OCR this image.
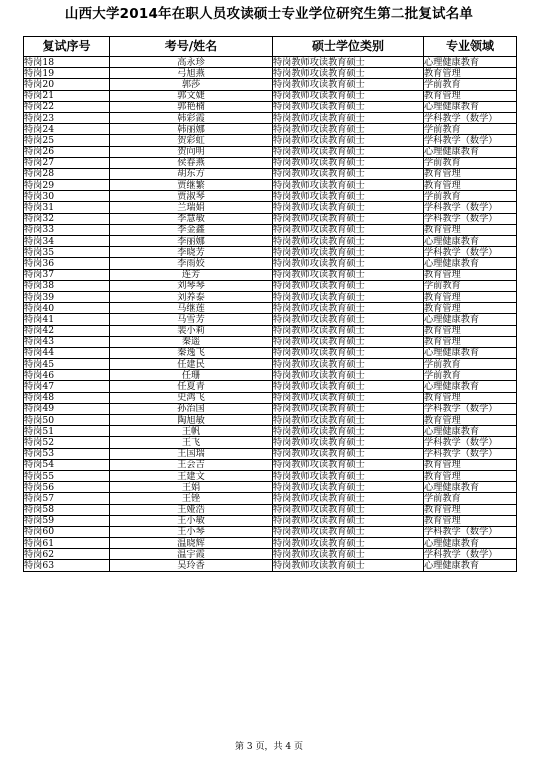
山西大学2014年在职人员攻读硕士专业学位研究生第二批复试名单
复试序号	考号/姓名	硕士学位类别	专业领域
特岗18	高永珍	特岗教师攻读教育硕士	心理健康教育
特岗19	弓旭燕	特岗教师攻读教育硕士	教育管理
特岗20	郭莎	特岗教师攻读教育硕士	学前教育
特岗21	郭文婕	特岗教师攻读教育硕士	教育管理
特岗22	郭艳楠	特岗教师攻读教育硕士	心理健康教育
特岗23	韩彩霞	特岗教师攻读教育硕士	学科教学（数学）
特岗24	韩丽娜	特岗教师攻读教育硕士	学前教育
特岗25	贺彩虹	特岗教师攻读教育硕士	学科教学（数学）
特岗26	贺向明	特岗教师攻读教育硕士	心理健康教育
特岗27	侯春燕	特岗教师攻读教育硕士	学前教育
特岗28	胡东方	特岗教师攻读教育硕士	教育管理
特岗29	贾继繁	特岗教师攻读教育硕士	教育管理
特岗30	贾淑琴	特岗教师攻读教育硕士	学前教育
特岗31	兰瑞娟	特岗教师攻读教育硕士	学科教学（数学）
特岗32	李慧敏	特岗教师攻读教育硕士	学科教学（数学）
特岗33	李金鑫	特岗教师攻读教育硕士	教育管理
特岗34	李丽娜	特岗教师攻读教育硕士	心理健康教育
特岗35	李晓芳	特岗教师攻读教育硕士	学科教学（数学）
特岗36	李雨姣	特岗教师攻读教育硕士	心理健康教育
特岗37	连芳	特岗教师攻读教育硕士	教育管理
特岗38	刘琴琴	特岗教师攻读教育硕士	学前教育
特岗39	刘养泰	特岗教师攻读教育硕士	教育管理
特岗40	马继莲	特岗教师攻读教育硕士	教育管理
特岗41	马雪芳	特岗教师攻读教育硕士	心理健康教育
特岗42	裴小莉	特岗教师攻读教育硕士	教育管理
特岗43	秦遥	特岗教师攻读教育硕士	教育管理
特岗44	秦逸飞	特岗教师攻读教育硕士	心理健康教育
特岗45	任建民	特岗教师攻读教育硕士	学前教育
特岗46	任珊	特岗教师攻读教育硕士	学前教育
特岗47	任夏青	特岗教师攻读教育硕士	心理健康教育
特岗48	史鸿飞	特岗教师攻读教育硕士	教育管理
特岗49	孙治国	特岗教师攻读教育硕士	学科教学（数学）
特岗50	陶旭敏	特岗教师攻读教育硕士	教育管理
特岗51	王帆	特岗教师攻读教育硕士	心理健康教育
特岗52	王飞	特岗教师攻读教育硕士	学科教学（数学）
特岗53	王国瑞	特岗教师攻读教育硕士	学科教学（数学）
特岗54	王会吉	特岗教师攻读教育硕士	教育管理
特岗55	王建文	特岗教师攻读教育硕士	教育管理
特岗56	王娟	特岗教师攻读教育硕士	心理健康教育
特岗57	王锉	特岗教师攻读教育硕士	学前教育
特岗58	王娅浩	特岗教师攻读教育硕士	教育管理
特岗59	王小敏	特岗教师攻读教育硕士	教育管理
特岗60	王小琴	特岗教师攻读教育硕士	学科教学（数学）
特岗61	温晓辉	特岗教师攻读教育硕士	心理健康教育
特岗62	温宇霞	特岗教师攻读教育硕士	学科教学（数学）
特岗63	吴玲香	特岗教师攻读教育硕士	心理健康教育
第 3 页，共 4 页
